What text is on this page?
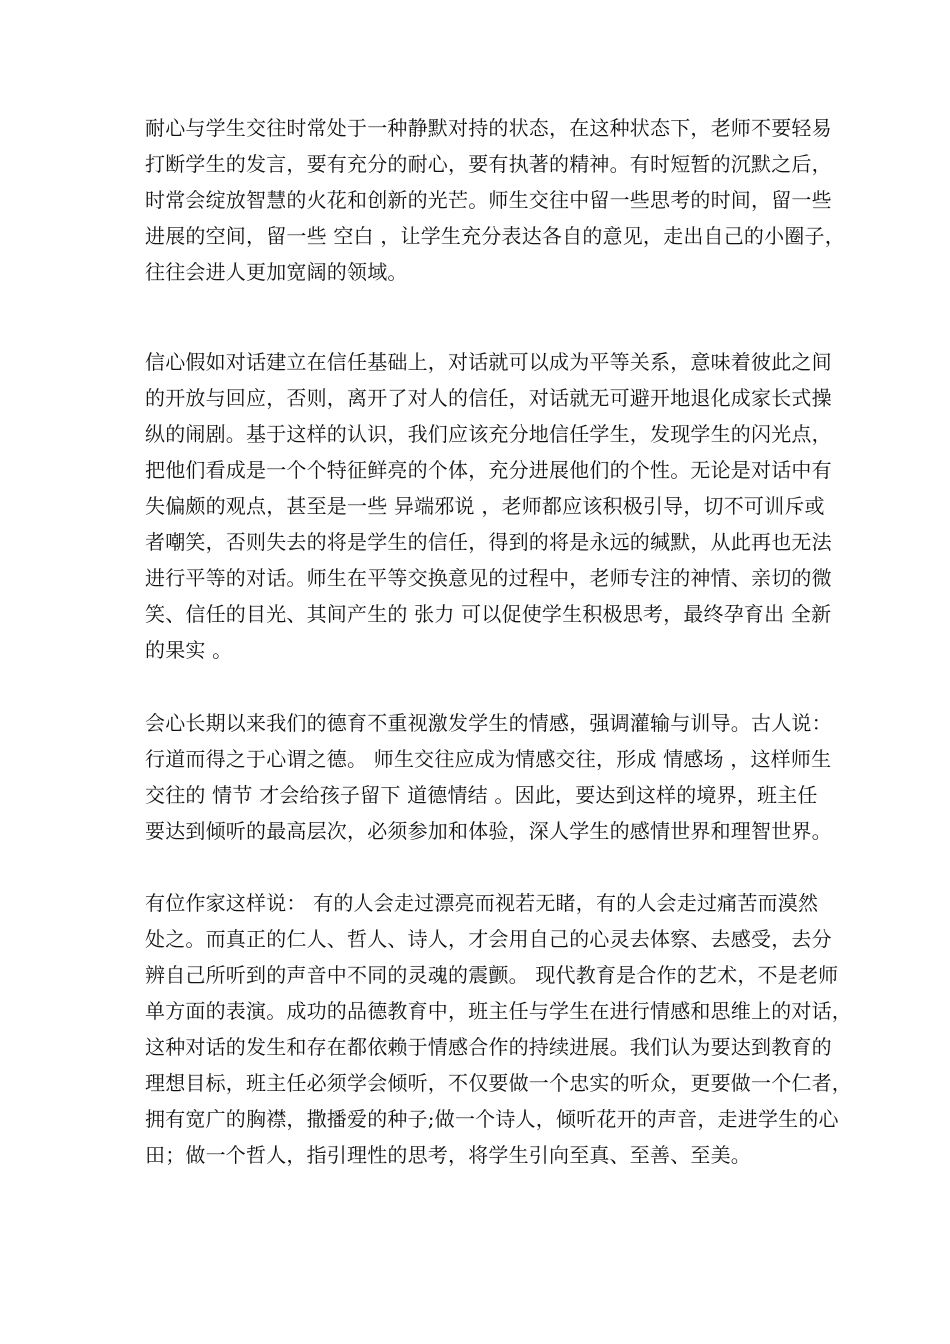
耐心与学生交往时常处于一种静默对持的状态，在这种状态下，老师不要轻易
打断学生的发言，要有充分的耐心，要有执著的精神。有时短暂的沉默之后，
时常会绽放智慧的火花和创新的光芒。师生交往中留一些思考的时间，留一些
进展的空间，留一些 空白 ，让学生充分表达各自的意见，走出自己的小圈子，
往往会进人更加宽阔的领域。
信心假如对话建立在信任基础上，对话就可以成为平等关系，意味着彼此之间
的开放与回应，否则，离开了对人的信任，对话就无可避开地退化成家长式操
纵的闹剧。基于这样的认识，我们应该充分地信任学生，发现学生的闪光点，
把他们看成是一个个特征鲜亮的个体，充分进展他们的个性。无论是对话中有
失偏颇的观点，甚至是一些 异端邪说 ，老师都应该积极引导，切不可训斥或
者嘲笑，否则失去的将是学生的信任，得到的将是永远的缄默，从此再也无法
进行平等的对话。师生在平等交换意见的过程中，老师专注的神情、亲切的微
笑、信任的目光、其间产生的 张力 可以促使学生积极思考，最终孕育出 全新
的果实 。
会心长期以来我们的德育不重视激发学生的情感，强调灌输与训导。古人说：
行道而得之于心谓之德。 师生交往应成为情感交往，形成 情感场 ，这样师生
交往的 情节 才会给孩子留下 道德情结 。因此，要达到这样的境界，班主任
要达到倾听的最高层次，必须参加和体验，深人学生的感情世界和理智世界。
有位作家这样说： 有的人会走过漂亮而视若无睹，有的人会走过痛苦而漠然
处之。而真正的仁人、哲人、诗人，才会用自己的心灵去体察、去感受，去分
辨自己所听到的声音中不同的灵魂的震颤。 现代教育是合作的艺术，不是老师
单方面的表演。成功的品德教育中，班主任与学生在进行情感和思维上的对话，
这种对话的发生和存在都依赖于情感合作的持续进展。我们认为要达到教育的
理想目标，班主任必须学会倾听，不仅要做一个忠实的听众，更要做一个仁者，
拥有宽广的胸襟，撒播爱的种子;做一个诗人，倾听花开的声音，走进学生的心
田；做一个哲人，指引理性的思考，将学生引向至真、至善、至美。
